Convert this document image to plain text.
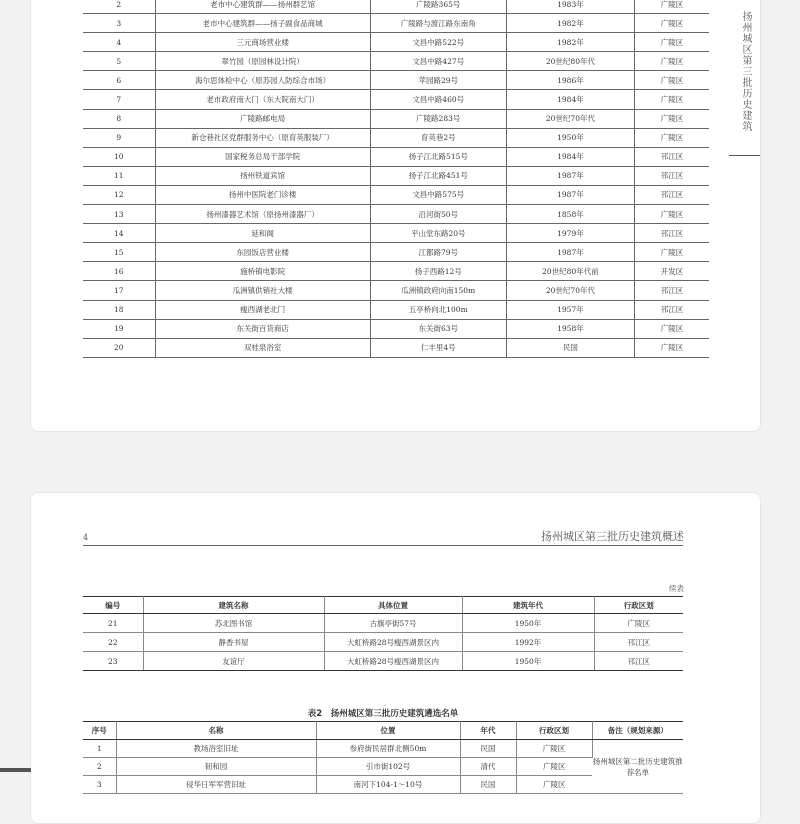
2	老市中心建筑群——扬州群艺馆	广陵路365号	1983年	广陵区
3	老市中心建筑群——扬子副食品商城	广陵路与渡江路东南角	1982年	广陵区
4	三元商场营业楼	文昌中路522号	1982年	广陵区
5	翠竹园（原园林设计院）	文昌中路427号	20世纪80年代	广陵区
6	海尔思体检中心（原苏园人防综合市场）	苹园路29号	1986年	广陵区
7	老市政府南大门（东大院南大门）	文昌中路460号	1984年	广陵区
8	广陵路邮电局	广陵路283号	20世纪70年代	广陵区
9	新仓巷社区党群服务中心（原育英服装厂）	育英巷2号	1950年	广陵区
10	国家税务总局干部学院	扬子江北路515号	1984年	邗江区
11	扬州铁道宾馆	扬子江北路451号	1987年	邗江区
12	扬州中医院老门诊楼	文昌中路575号	1987年	邗江区
13	扬州漆器艺术馆（原扬州漆器厂）	沿河街50号	1858年	广陵区
14	延和阁	平山堂东路20号	1979年	邗江区
15	东园饭店营业楼	江都路79号	1987年	广陵区
16	施桥镇电影院	扬子西路12号	20世纪80年代前	开发区
17	瓜洲镇供销社大楼	瓜洲镇政府向南150m	20世纪70年代	邗江区
18	瘦西湖老北门	五亭桥向北100m	1957年	邗江区
19	东关街百货商店	东关街63号	1958年	广陵区
20	双桂泉浴室	仁丰里4号	民国	广陵区
扬州城区第三批历史建筑
4	扬州城区第三批历史建筑概述
续表
编号	建筑名称	具体位置	建筑年代	行政区划
21	苏北图书馆	古旗亭街57号	1950年	广陵区
22	静香书屋	大虹桥路28号瘦西湖景区内	1992年	邗江区
23	友谊厅	大虹桥路28号瘦西湖景区内	1950年	邗江区
表2　扬州城区第三批历史建筑遴选名单
序号	名称	位置	年代	行政区划	备注（规划来源）
1	教场浴室旧址	参府街民居群北侧50m	民国	广陵区	扬州城区第二批历史建筑推荐名单
2	韧和园	引市街102号	清代	广陵区	
3	侵华日军军营旧址	南河下104-1～10号	民国	广陵区	
